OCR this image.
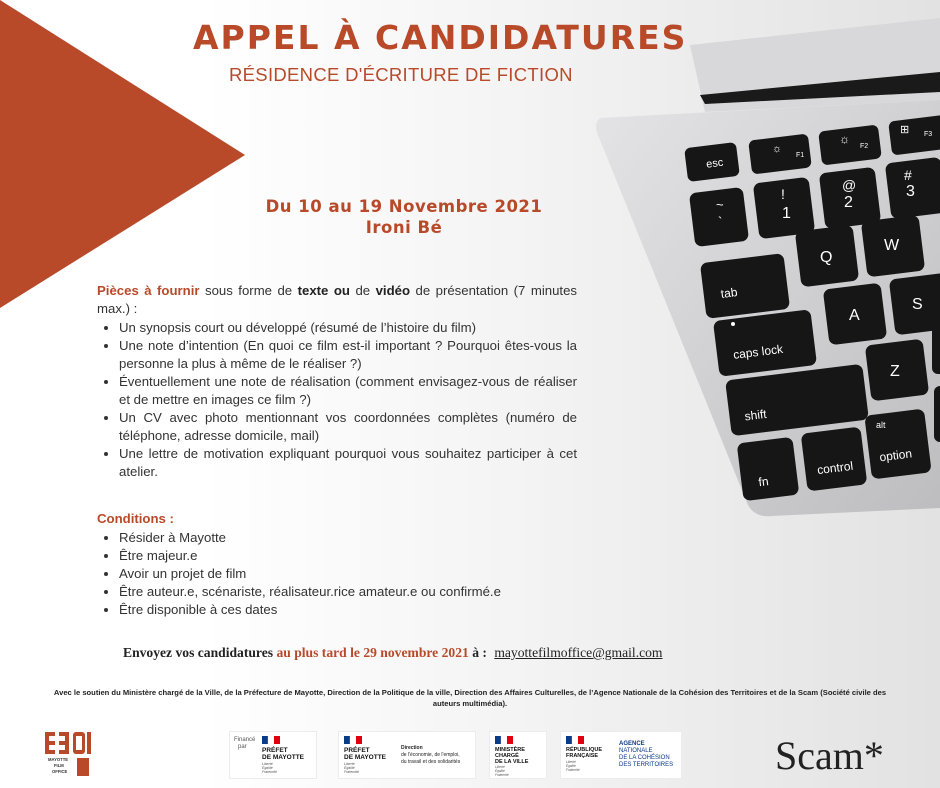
esc
☼
F1
☼
F2
⊞ F3
~
`
!
1
@
2
#
3
tab
Q
W
caps lock
A
S
shift
Z
fn
control
alt
option
APPEL À CANDIDATURES
RÉSIDENCE D'ÉCRITURE DE FICTION
Du 10 au 19 Novembre 2021
Ironi Bé
Pièces à fournir sous forme de texte ou de vidéo de présentation (7 minutes max.) :
• Un synopsis court ou développé (résumé de l’histoire du film)
• Une note d’intention (En quoi ce film est-il important ? Pourquoi êtes-vous la personne la plus à même de le réaliser ?)
• Éventuellement une note de réalisation (comment envisagez-vous de réaliser et de mettre en images ce film ?)
• Un CV avec photo mentionnant vos coordonnées complètes (numéro de téléphone, adresse domicile, mail)
• Une lettre de motivation expliquant pourquoi vous souhaitez participer à cet atelier.
Conditions :
• Résider à Mayotte
• Être majeur.e
• Avoir un projet de film
• Être auteur.e, scénariste, réalisateur.rice amateur.e ou confirmé.e
• Être disponible à ces dates
Envoyez vos candidatures au plus tard le 29 novembre 2021 à : mayottefilmoffice@gmail.com
Avec le soutien du Ministère chargé de la Ville, de la Préfecture de Mayotte, Direction de la Politique de la ville, Direction des Affaires Culturelles, de l’Agence Nationale de la Cohésion des Territoires et de la Scam (Société civile des auteurs multimédia).
MAYOTTE
FILM
OFFICE
Financé
par PRÉFET
DE MAYOTTE
Liberté
Égalité
Fraternité
PRÉFET
DE MAYOTTE
Liberté
Égalité
Fraternité
Direction
de l'économie, de l'emploi,
du travail et des solidarités
MINISTÈRE
CHARGÉ
DE LA VILLE
Liberté
Égalité
Fraternité
RÉPUBLIQUE
FRANÇAISE
Liberté
Égalité
Fraternité
AGENCE
NATIONALE
DE LA COHÉSION
DES TERRITOIRES	Scam*
